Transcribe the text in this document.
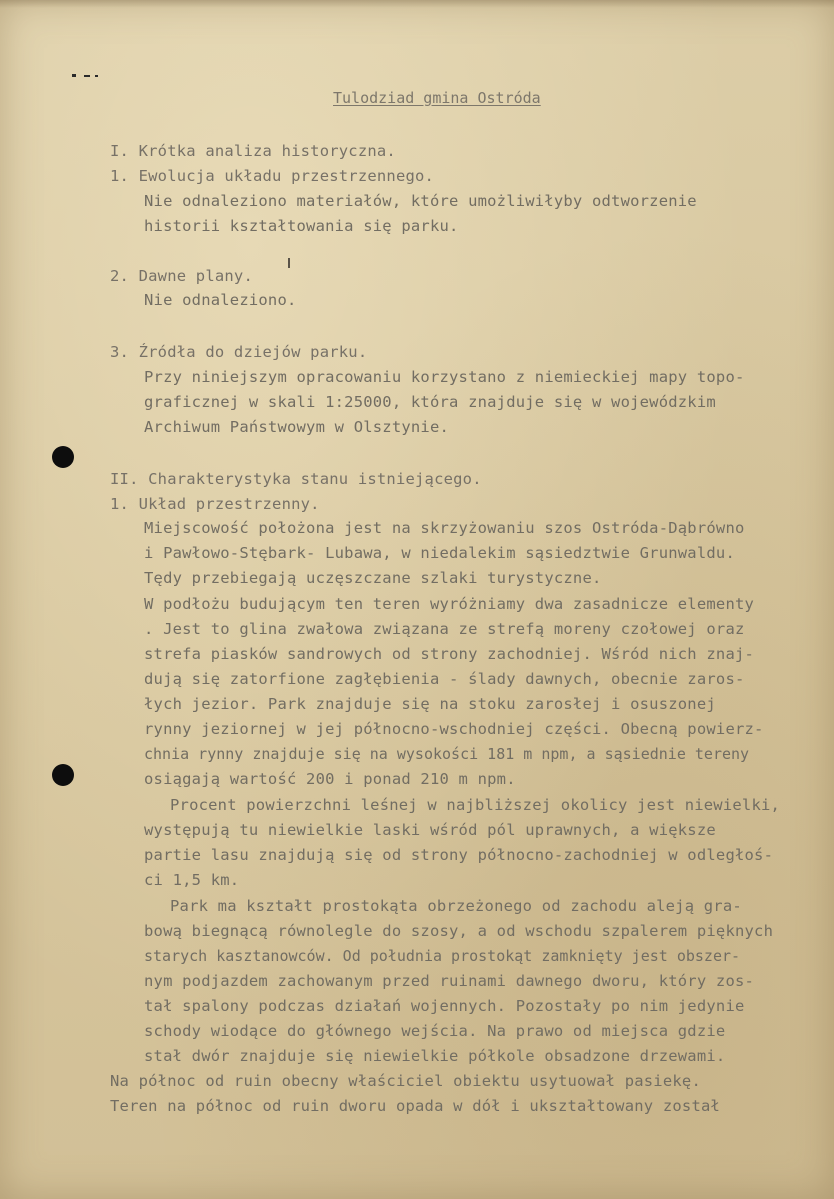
Tulodziad gmina Ostróda
I. Krótka analiza historyczna.
1. Ewolucja układu przestrzennego.
Nie odnaleziono materiałów, które umożliwiłyby odtworzenie
historii kształtowania się parku.
2. Dawne plany.
Nie odnaleziono.
3. Źródła do dziejów parku.
Przy niniejszym opracowaniu korzystano z niemieckiej mapy topo-
graficznej w skali 1:25000, która znajduje się w wojewódzkim
Archiwum Państwowym w Olsztynie.
II. Charakterystyka stanu istniejącego.
1. Układ przestrzenny.
Miejscowość położona jest na skrzyżowaniu szos Ostróda-Dąbrówno
i Pawłowo-Stębark- Lubawa, w niedalekim sąsiedztwie Grunwaldu.
Tędy przebiegają uczęszczane szlaki turystyczne.
W podłożu budującym ten teren wyróżniamy dwa zasadnicze elementy
. Jest to glina zwałowa związana ze strefą moreny czołowej oraz
strefa piasków sandrowych od strony zachodniej. Wśród nich znaj-
dują się zatorfione zagłębienia - ślady dawnych, obecnie zaros-
łych jezior. Park znajduje się na stoku zarosłej i osuszonej
rynny jeziornej w jej północno-wschodniej części. Obecną powierz-
chnia rynny znajduje się na wysokości 181 m npm, a sąsiednie tereny
osiągają wartość 200 i ponad 210 m npm.
Procent powierzchni leśnej w najbliższej okolicy jest niewielki,
występują tu niewielkie laski wśród pól uprawnych, a większe
partie lasu znajdują się od strony północno-zachodniej w odległoś-
ci 1,5 km.
Park ma kształt prostokąta obrzeżonego od zachodu aleją gra-
bową biegnącą równolegle do szosy, a od wschodu szpalerem pięknych
starych kasztanowców. Od południa prostokąt zamknięty jest obszer-
nym podjazdem zachowanym przed ruinami dawnego dworu, który zos-
tał spalony podczas działań wojennych. Pozostały po nim jedynie
schody wiodące do głównego wejścia. Na prawo od miejsca gdzie
stał dwór znajduje się niewielkie półkole obsadzone drzewami.
Na północ od ruin obecny właściciel obiektu usytuował pasiekę.
Teren na północ od ruin dworu opada w dół i ukształtowany został
